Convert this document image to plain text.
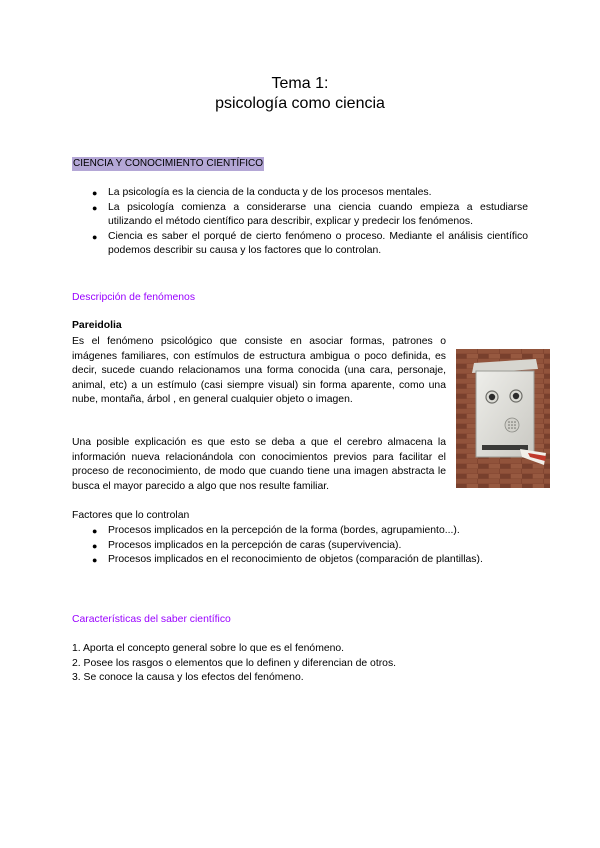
Tema 1:
psicología como ciencia
CIENCIA Y CONOCIMIENTO CIENTÍFICO
● La psicología es la ciencia de la conducta y de los procesos mentales.
● La psicología comienza a considerarse una ciencia cuando empieza a estudiarse utilizando el método científico para describir, explicar y predecir los fenómenos.
● Ciencia es saber el porqué de cierto fenómeno o proceso. Mediante el análisis científico podemos describir su causa y los factores que lo controlan.
Descripción de fenómenos
Pareidolia

Es el fenómeno psicológico que consiste en asociar formas, patrones o imágenes familiares, con estímulos de estructura ambigua o poco definida, es decir, sucede cuando relacionamos una forma conocida (una cara, personaje, animal, etc) a un estímulo (casi siempre visual) sin forma aparente, como una nube, montaña, árbol , en general cualquier objeto o imagen.

Una posible explicación es que esto se deba a que el cerebro almacena la información nueva relacionándola con conocimientos previos para facilitar el proceso de reconocimiento, de modo que cuando tiene una imagen abstracta le busca el mayor parecido a algo que nos resulte familiar.

Factores que lo controlan
● Procesos implicados en la percepción de la forma (bordes, agrupamiento...).
● Procesos implicados en la percepción de caras (supervivencia).
● Procesos implicados en el reconocimiento de objetos (comparación de plantillas).
Características del saber científico
1. Aporta el concepto general sobre lo que es el fenómeno.
2. Posee los rasgos o elementos que lo definen y diferencian de otros.
3. Se conoce la causa y los efectos del fenómeno.
